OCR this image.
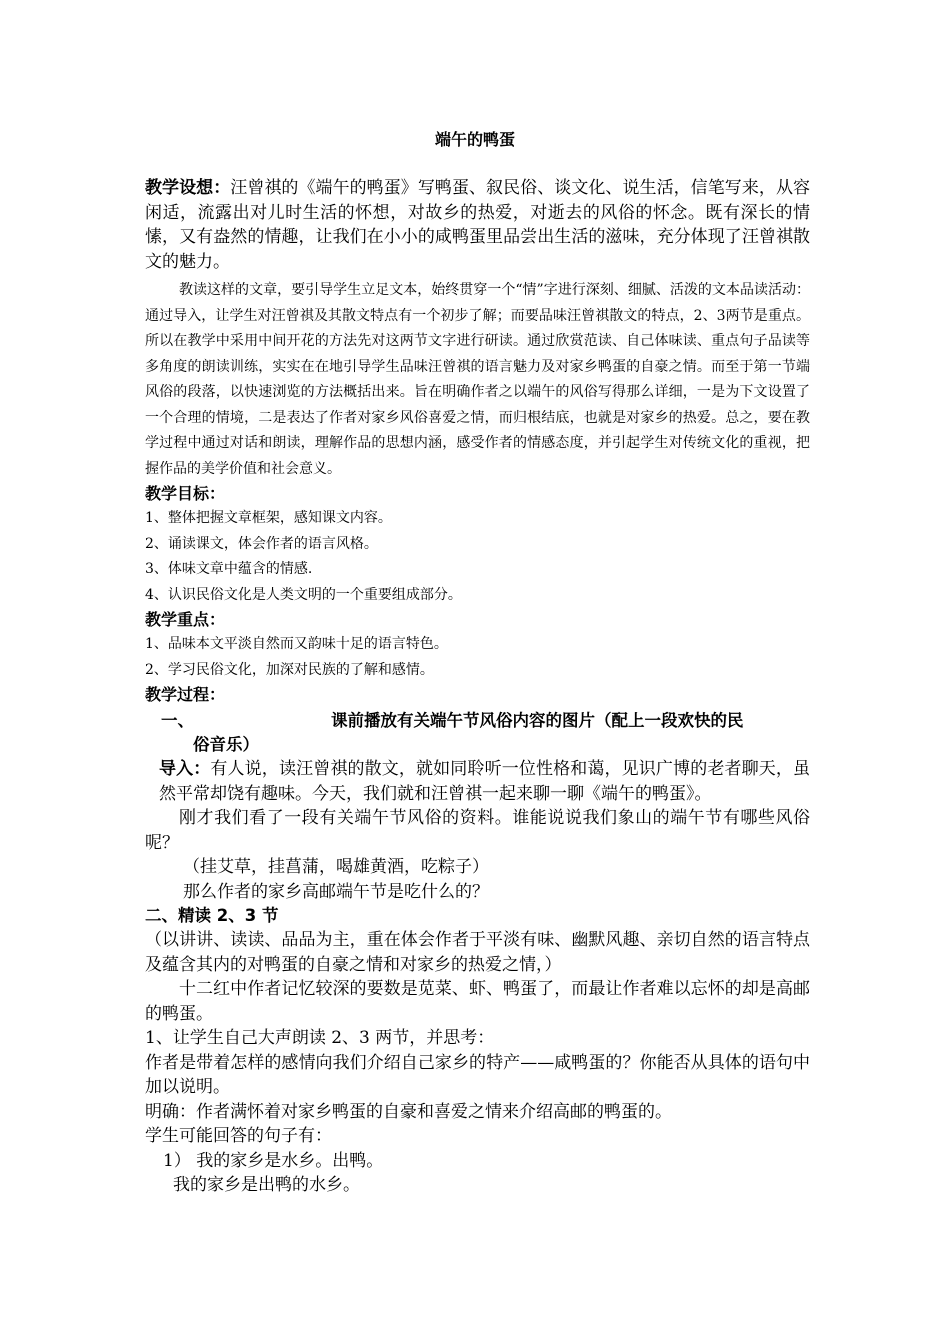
端午的鸭蛋

教学设想：汪曾祺的《端午的鸭蛋》写鸭蛋、叙民俗、谈文化、说生活，信笔写来，从容闲适，流露出对儿时生活的怀想，对故乡的热爱，对逝去的风俗的怀念。既有深长的情愫，又有盎然的情趣，让我们在小小的咸鸭蛋里品尝出生活的滋味，充分体现了汪曾祺散文的魅力。

教读这样的文章，要引导学生立足文本，始终贯穿一个“情”字进行深刻、细腻、活泼的文本品读活动：通过导入，让学生对汪曾祺及其散文特点有一个初步了解；而要品味汪曾祺散文的特点，2、3两节是重点。所以在教学中采用中间开花的方法先对这两节文字进行研读。通过欣赏范读、自己体味读、重点句子品读等多角度的朗读训练，实实在在地引导学生品味汪曾祺的语言魅力及对家乡鸭蛋的自豪之情。而至于第一节端风俗的段落，以快速浏览的方法概括出来。旨在明确作者之以端午的风俗写得那么详细，一是为下文设置了一个合理的情境，二是表达了作者对家乡风俗喜爱之情，而归根结底，也就是对家乡的热爱。总之，要在教学过程中通过对话和朗读，理解作品的思想内涵，感受作者的情感态度，并引起学生对传统文化的重视，把握作品的美学价值和社会意义。

教学目标：

1、整体把握文章框架，感知课文内容。

2、诵读课文，体会作者的语言风格。

3、体味文章中蕴含的情感.

4、认识民俗文化是人类文明的一个重要组成部分。

教学重点：

1、品味本文平淡自然而又韵味十足的语言特色。

2、学习民俗文化，加深对民族的了解和感情。

教学过程：

一、	课前播放有关端午节风俗内容的图片（配上一段欢快的民
俗音乐）

导入：有人说，读汪曾祺的散文，就如同聆听一位性格和蔼，见识广博的老者聊天，虽然平常却饶有趣味。今天，我们就和汪曾祺一起来聊一聊《端午的鸭蛋》。

刚才我们看了一段有关端午节风俗的资料。谁能说说我们象山的端午节有哪些风俗呢？

（挂艾草，挂菖蒲，喝雄黄酒，吃粽子）

那么作者的家乡高邮端午节是吃什么的？

二、精读 2、3 节

（以讲讲、读读、品品为主，重在体会作者于平淡有味、幽默风趣、亲切自然的语言特点及蕴含其内的对鸭蛋的自豪之情和对家乡的热爱之情，）

十二红中作者记忆较深的要数是苋菜、虾、鸭蛋了，而最让作者难以忘怀的却是高邮的鸭蛋。

1、让学生自己大声朗读 2、3 两节，并思考：

作者是带着怎样的感情向我们介绍自己家乡的特产——咸鸭蛋的？你能否从具体的语句中加以说明。

明确：作者满怀着对家乡鸭蛋的自豪和喜爱之情来介绍高邮的鸭蛋的。

学生可能回答的句子有：

1） 我的家乡是水乡。出鸭。

我的家乡是出鸭的水乡。
